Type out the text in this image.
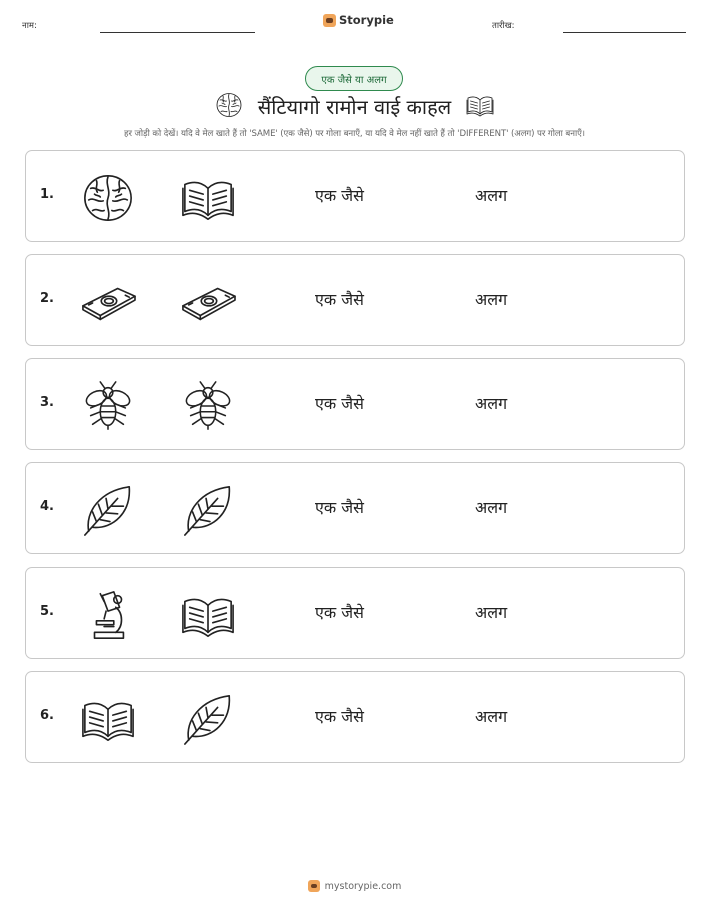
नाम:	Storypie	तारीख:
एक जैसे या अलग
सैंटियागो रामोन वाई काहल
हर जोड़ी को देखें। यदि वे मेल खाते हैं तो 'SAME' (एक जैसे) पर गोला बनाएँ, या यदि वे मेल नहीं खाते हैं तो 'DIFFERENT' (अलग) पर गोला बनाएँ।
1.	एक जैसे	अलग
2.	एक जैसे	अलग
3.	एक जैसे	अलग
4.	एक जैसे	अलग
5.	एक जैसे	अलग
6.	एक जैसे	अलग
mystorypie.com
